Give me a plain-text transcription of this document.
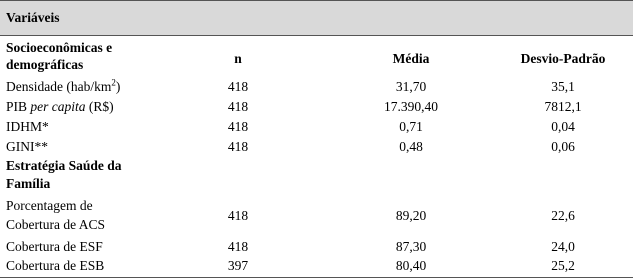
Variáveis
Socioeconômicas e
demográficas	n	Média	Desvio-Padrão
Densidade $(hab/km^2)$	418	31,70	35,1
PIB per capita (R$)	418	17.390,40	7812,1
IDHM*	418	0,71	0,04
GINI**	418	0,48	0,06
Estratégia Saúde da
Família
Porcentagem de
Cobertura de ACS
418	89,20	22,6
Cobertura de ESF	418	87,30	24,0
Cobertura de ESB	397	80,40	25,2
